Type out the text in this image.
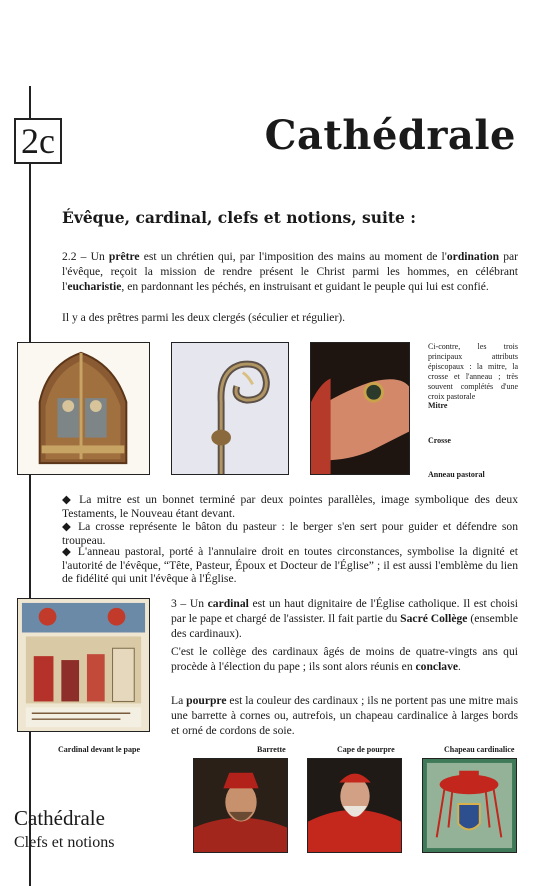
2c	Cathédrale
Évêque, cardinal, clefs et notions, suite :

2.2 – Un prêtre est un chrétien qui, par l'imposition des mains au moment de l'ordination par l'évêque, reçoit la mission de rendre présent le Christ parmi les hommes, en célébrant l'eucharistie, en pardonnant les péchés, en instruisant et guidant le peuple qui lui est confié.

Il y a des prêtres parmi les deux clergés (séculier et régulier).

Ci-contre, les trois principaux attributs épiscopaux : la mitre, la crosse et l'anneau ; très souvent complétés d'une croix pastorale

Mitre

Crosse

Anneau pastoral

◆ La mitre est un bonnet terminé par deux pointes parallèles, image symbolique des deux Testaments, le Nouveau étant devant.

◆ La crosse représente le bâton du pasteur : le berger s'en sert pour guider et défendre son troupeau.

◆ L'anneau pastoral, porté à l'annulaire droit en toutes circonstances, symbolise la dignité et l'autorité de l'évêque, “Tête, Pasteur, Époux et Docteur de l'Église” ; il est aussi l'emblème du lien de fidélité qui unit l'évêque à l'Église.

Cardinal devant le pape

3 – Un cardinal est un haut dignitaire de l'Église catholique. Il est choisi par le pape et chargé de l'assister. Il fait partie du Sacré Collège (ensemble des cardinaux).

C'est le collège des cardinaux âgés de moins de quatre-vingts ans qui procède à l'élection du pape ; ils sont alors réunis en conclave.

La pourpre est la couleur des cardinaux ; ils ne portent pas une mitre mais une barrette à cornes ou, autrefois, un chapeau cardinalice à larges bords et orné de cordons de soie.

Barrette	Cape de pourpre	Chapeau cardinalice

Cathédrale

Clefs et notions
